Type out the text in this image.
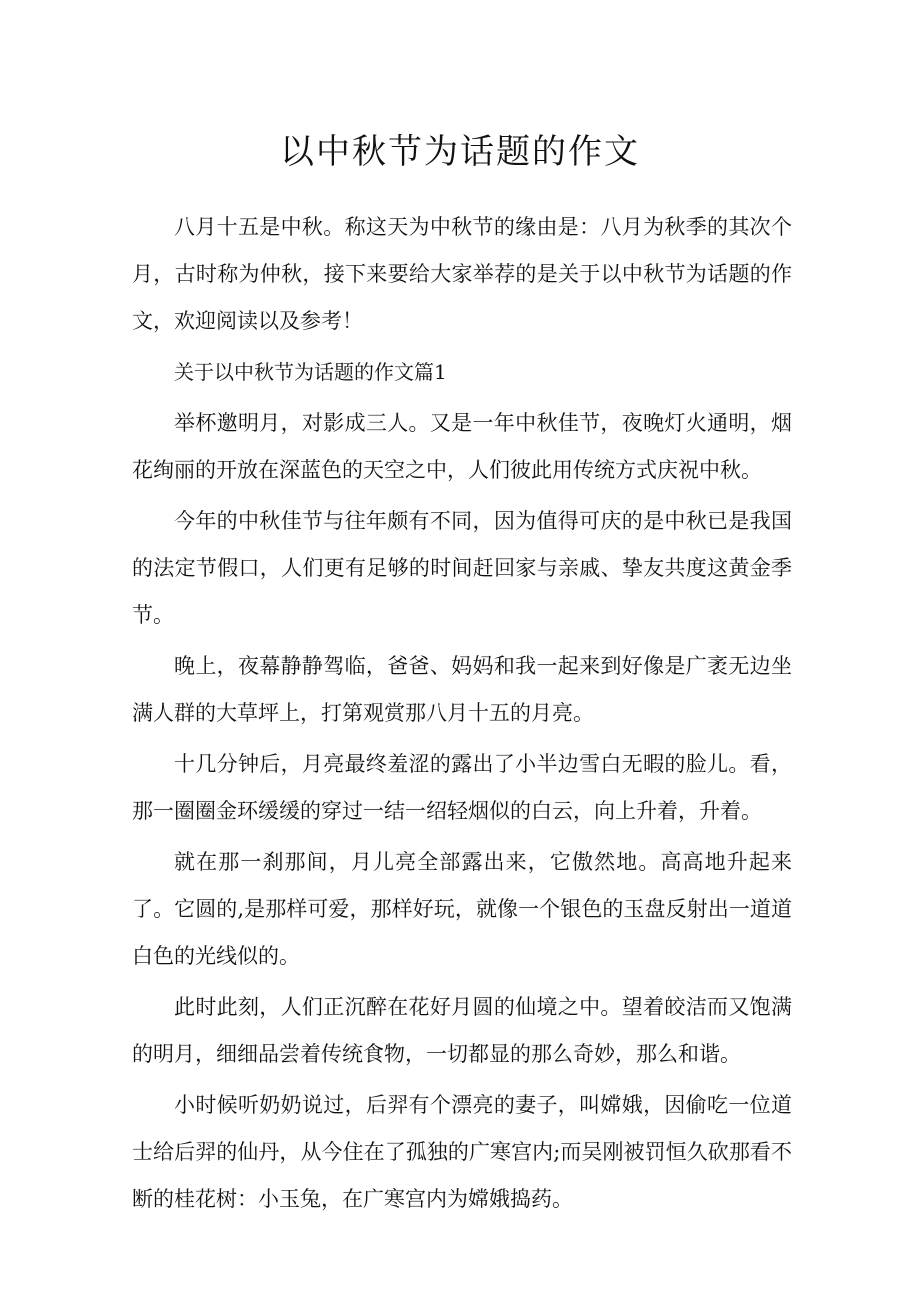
以中秋节为话题的作文

八月十五是中秋。称这天为中秋节的缘由是：八月为秋季的其次个月，古时称为仲秋，接下来要给大家举荐的是关于以中秋节为话题的作文，欢迎阅读以及参考！

关于以中秋节为话题的作文篇1

举杯邀明月，对影成三人。又是一年中秋佳节，夜晚灯火通明，烟花绚丽的开放在深蓝色的天空之中，人们彼此用传统方式庆祝中秋。

今年的中秋佳节与往年颇有不同，因为值得可庆的是中秋已是我国的法定节假口，人们更有足够的时间赶回家与亲戚、挚友共度这黄金季节。

晚上，夜幕静静驾临，爸爸、妈妈和我一起来到好像是广袤无边坐满人群的大草坪上，打第观赏那八月十五的月亮。

十几分钟后，月亮最终羞涩的露出了小半边雪白无暇的脸儿。看，那一圈圈金环缓缓的穿过一结一绍轻烟似的白云，向上升着，升着。

就在那一刹那间，月儿亮全部露出来，它傲然地。高高地升起来了。它圆的,是那样可爱，那样好玩，就像一个银色的玉盘反射出一道道白色的光线似的。

此时此刻，人们正沉醉在花好月圆的仙境之中。望着皎洁而又饱满的明月，细细品尝着传统食物，一切都显的那么奇妙，那么和谐。

小时候听奶奶说过，后羿有个漂亮的妻子，叫嫦娥，因偷吃一位道士给后羿的仙丹，从今住在了孤独的广寒宫内;而吴刚被罚恒久砍那看不断的桂花树：小玉兔，在广寒宫内为嫦娥捣药。
